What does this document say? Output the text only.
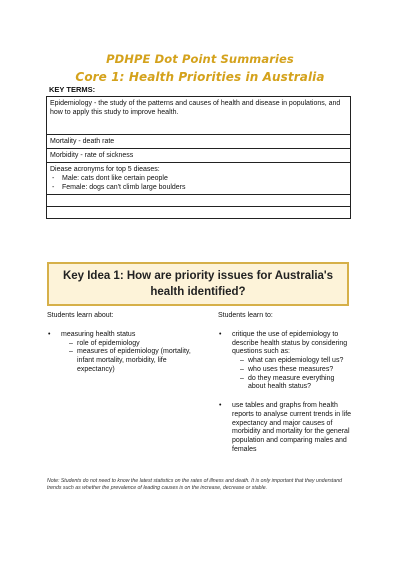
PDHPE Dot Point Summaries
Core 1: Health Priorities in Australia
KEY TERMS:
Epidemiology - the study of the patterns and causes of health and disease in populations, and how to apply this study to improve health.
Mortality - death rate
Morbidity - rate of sickness

Diease acronyms for top 5 dieases:
- Male: cats dont like certain people
- Female: dogs can't climb large boulders

Key Idea 1: How are priority issues for Australia's health identified?
Students learn about:
• measuring health status
– role of epidemiology
– measures of epidemiology (mortality, infant mortality, morbidity, life expectancy)
Students learn to:
• critique the use of epidemiology to describe health status by considering questions such as:
– what can epidemiology tell us?
– who uses these measures?
– do they measure everything about health status?
• use tables and graphs from health reports to analyse current trends in life expectancy and major causes of morbidity and mortality for the general population and comparing males and females
Note: Students do not need to know the latest statistics on the rates of illness and death. It is only important that they understand trends such as whether the prevalence of leading causes is on the increase, decrease or stable.
